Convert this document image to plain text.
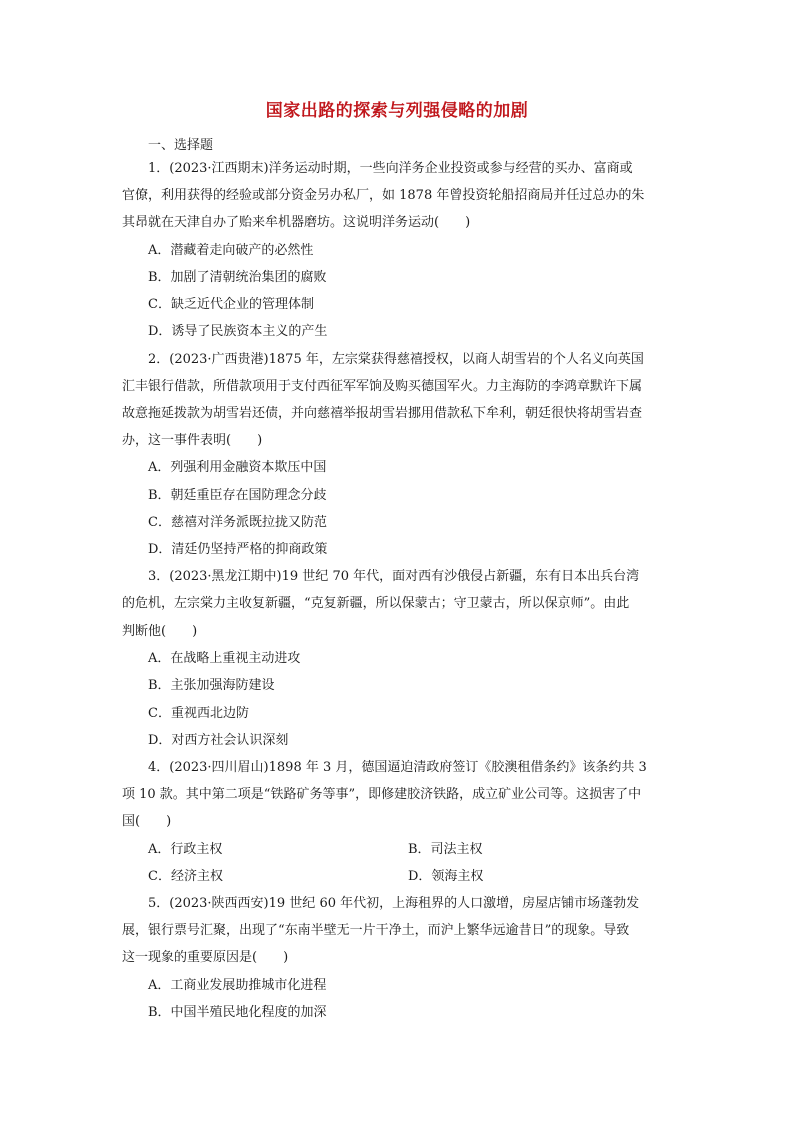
国家出路的探索与列强侵略的加剧
一、选择题
1．(2023·江西期末)洋务运动时期，一些向洋务企业投资或参与经营的买办、富商或
官僚，利用获得的经验或部分资金另办私厂，如 1878 年曾投资轮船招商局并任过总办的朱
其昂就在天津自办了贻来牟机器磨坊。这说明洋务运动(　　)
A．潜藏着走向破产的必然性
B．加剧了清朝统治集团的腐败
C．缺乏近代企业的管理体制
D．诱导了民族资本主义的产生
2．(2023·广西贵港)1875 年，左宗棠获得慈禧授权，以商人胡雪岩的个人名义向英国
汇丰银行借款，所借款项用于支付西征军军饷及购买德国军火。力主海防的李鸿章默许下属
故意拖延拨款为胡雪岩还债，并向慈禧举报胡雪岩挪用借款私下牟利，朝廷很快将胡雪岩查
办，这一事件表明(　　)
A．列强利用金融资本欺压中国
B．朝廷重臣存在国防理念分歧
C．慈禧对洋务派既拉拢又防范
D．清廷仍坚持严格的抑商政策
3．(2023·黑龙江期中)19 世纪 70 年代，面对西有沙俄侵占新疆，东有日本出兵台湾
的危机，左宗棠力主收复新疆，“克复新疆，所以保蒙古；守卫蒙古，所以保京师”。由此
判断他(　　)
A．在战略上重视主动进攻
B．主张加强海防建设
C．重视西北边防
D．对西方社会认识深刻
4．(2023·四川眉山)1898 年 3 月，德国逼迫清政府签订《胶澳租借条约》该条约共 3
项 10 款。其中第二项是“铁路矿务等事”，即修建胶济铁路，成立矿业公司等。这损害了中
国(　　)
A．行政主权	B．司法主权
C．经济主权	D．领海主权
5．(2023·陕西西安)19 世纪 60 年代初，上海租界的人口激增，房屋店铺市场蓬勃发
展，银行票号汇聚，出现了“东南半壁无一片干净土，而沪上繁华远逾昔日”的现象。导致
这一现象的重要原因是(　　)
A．工商业发展助推城市化进程
B．中国半殖民地化程度的加深
